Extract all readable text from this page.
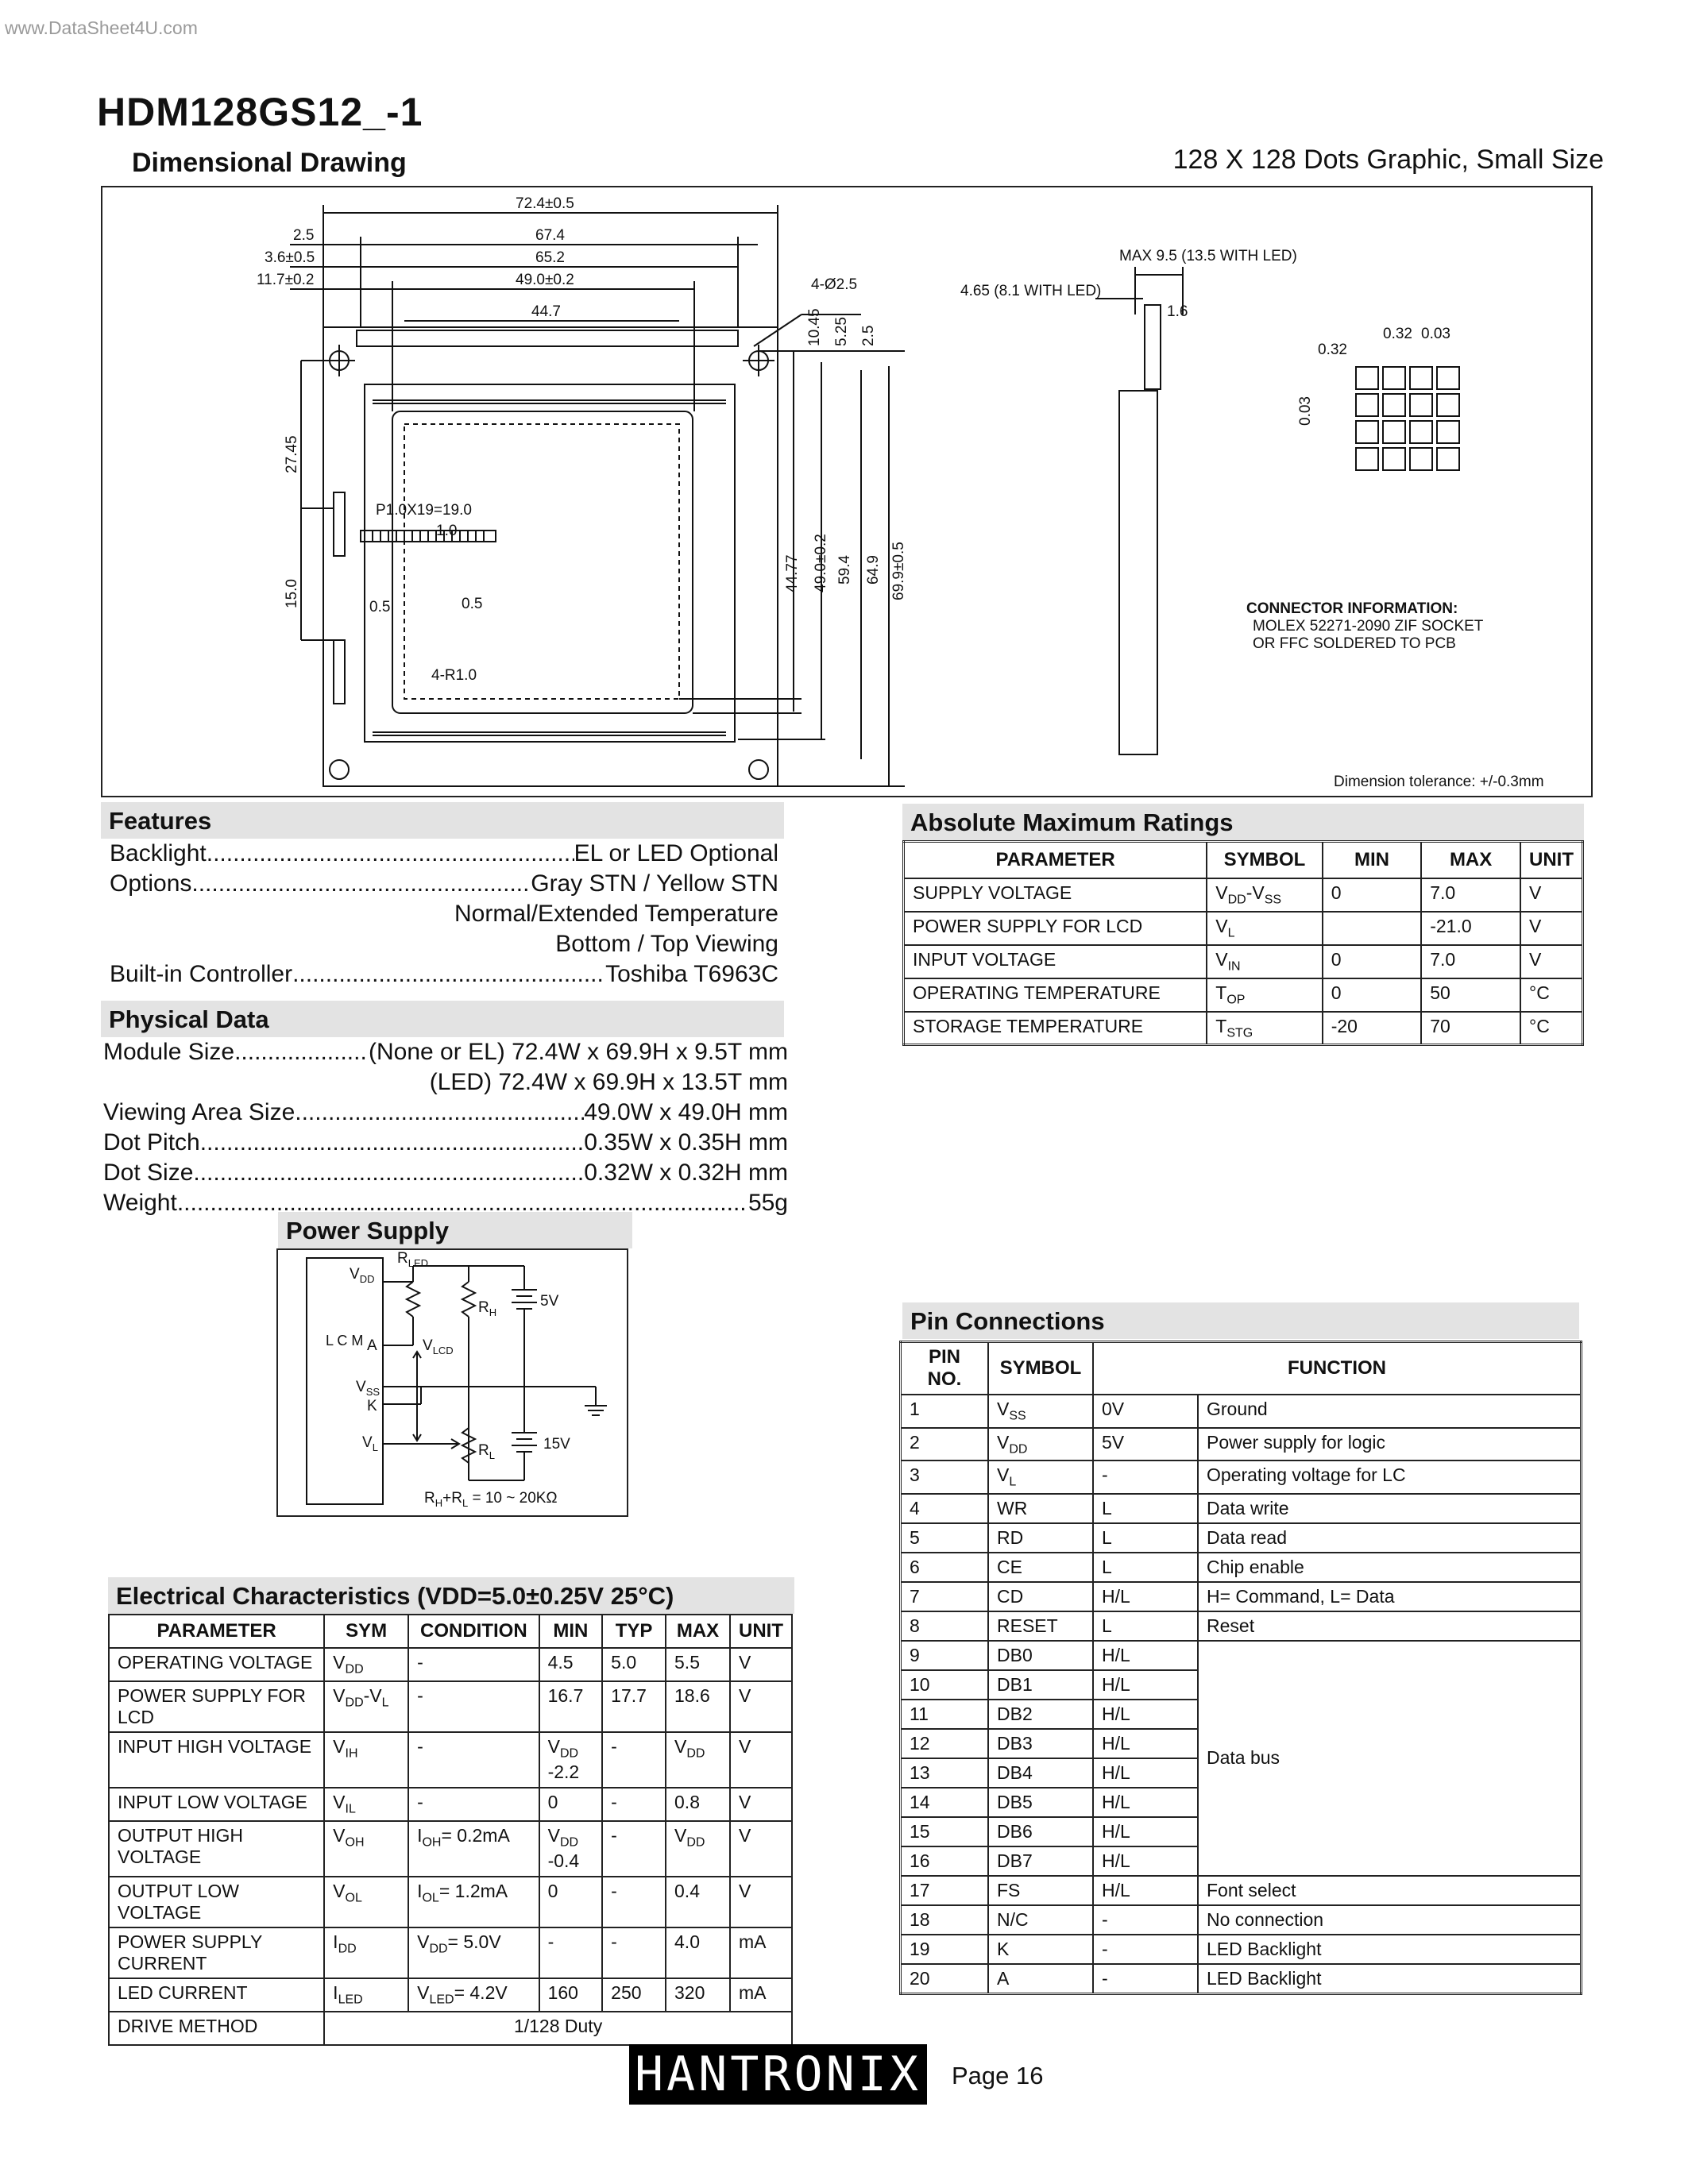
www.DataSheet4U.com
HDM128GS12_-1
Dimensional Drawing	128 X 128 Dots Graphic, Small Size
72.4±0.5
2.5	67.4
3.6±0.5	65.2
11.7±0.2	49.0±0.2
44.7
4-Ø2.5
10.45 5.25 2.5
27.45
15.0
P1.0X19=19.0
1.0
0.5	0.5
44.77 49.0±0.2 59.4 64.9 69.9±0.5
4-R1.0
MAX 9.5 (13.5 WITH LED)
4.65 (8.1 WITH LED)
1.6
0.32
0.32 0.03
0.03
CONNECTOR INFORMATION:
MOLEX 52271-2090 ZIF SOCKET
OR FFC SOLDERED TO PCB
Dimension tolerance: +/-0.3mm
Features
Backlight .....	EL or LED Optional
Options .....	Gray STN / Yellow STN
Normal/Extended Temperature
Bottom / Top Viewing
Built-in Controller .....	Toshiba T6963C
Physical Data
Module Size .....	(None or EL) 72.4W x 69.9H x 9.5T mm
(LED) 72.4W x 69.9H x 13.5T mm
Viewing Area Size .....	49.0W x 49.0H mm
Dot Pitch .....	0.35W x 0.35H mm
Dot Size .....	0.32W x 0.32H mm
Weight .....	55g
Power Supply
$V_{DD}$
$R_{LED}$
$R_H$
5V
L C M A	$V_{LCD}$
$V_{SS}$
K
$V_L$	$R_L$
15V
$R_H+R_L = 10$ ~ 20KΩ
Absolute Maximum Ratings
PARAMETER	SYMBOL	MIN	MAX	UNIT
SUPPLY VOLTAGE	$V_{DD}-V_{SS}$	0	7.0	V
POWER SUPPLY FOR LCD	$V_L$		-21.0	V
INPUT VOLTAGE	$V_{IN}$	0	7.0	V
OPERATING TEMPERATURE	$T_{OP}$	0	50	°C
STORAGE TEMPERATURE	$T_{STG}$	-20	70	°C
Electrical Characteristics (VDD=5.0±0.25V 25°C)
PARAMETER	SYM	CONDITION	MIN	TYP	MAX	UNIT
OPERATING VOLTAGE	$V_{DD}$	-	4.5	5.0	5.5	V
POWER SUPPLY FOR LCD	$V_{DD}-V_L$	-	16.7	17.7	18.6	V
INPUT HIGH VOLTAGE	$V_{IH}$	-	$V_{DD}$
-2.2	-	$V_{DD}$	V
INPUT LOW VOLTAGE	$V_{IL}$	-	0	-	0.8	V
OUTPUT HIGH VOLTAGE	$V_{OH}$	$I_{OH}= 0.2mA$	$V_{DD}$
-0.4	-	$V_{DD}$	V
OUTPUT LOW VOLTAGE	$V_{OL}$	$I_{OL}= 1.2mA$	0	-	0.4	V
POWER SUPPLY CURRENT	$I_{DD}$	$V_{DD}= 5.0V$	-	-	4.0	mA
LED CURRENT	$I_{LED}$	$V_{LED}= 4.2V$	160	250	320	mA
DRIVE METHOD	1/128 Duty					
Pin Connections
PIN NO.	SYMBOL	FUNCTION	
1	$V_{SS}$	0V	Ground
2	$V_{DD}$	5V	Power supply for logic
3	$V_L$	-	Operating voltage for LC
4	WR	L	Data write
5	RD	L	Data read
6	CE	L	Chip enable
7	CD	H/L	H= Command, L= Data
8	RESET	L	Reset
9	DB0	H/L	Data bus
10	DB1	H/L	
11	DB2	H/L	
12	DB3	H/L	
13	DB4	H/L	
14	DB5	H/L	
15	DB6	H/L	
16	DB7	H/L	
17	FS	H/L	Font select
18	N/C	-	No connection
19	K	-	LED Backlight
20	A	-	LED Backlight
HANTRONIX Page 16
